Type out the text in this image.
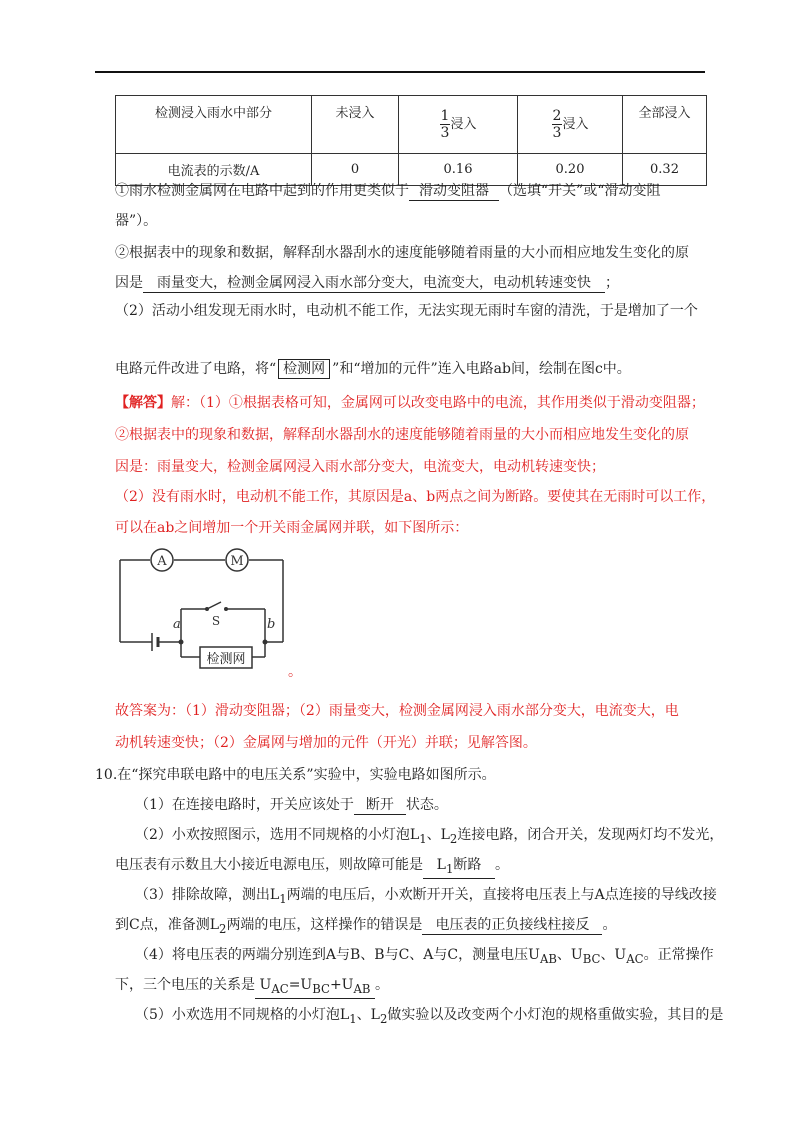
检测浸入雨水中部分	未浸入	$\frac{1}{3}$ 浸入	$\frac{2}{3}$ 浸入	全部浸入
电流表的示数/A	0	0.16	0.20	0.32
①雨水检测金属网在电路中起到的作用更类似于 滑动变阻器 （选填“开关”或“滑动变阻
器”）。
②根据表中的现象和数据，解释刮水器刮水的速度能够随着雨量的大小而相应地发生变化的原
因是 雨量变大，检测金属网浸入雨水部分变大，电流变大，电动机转速变快 ；
（2）活动小组发现无雨水时，电动机不能工作，无法实现无雨时车窗的清洗，于是增加了一个
电路元件改进了电路，将“ 检测网 ”和“增加的元件”连入电路ab间，绘制在图c中。
【解答】解：（1）①根据表格可知，金属网可以改变电路中的电流，其作用类似于滑动变阻器；
②根据表中的现象和数据，解释刮水器刮水的速度能够随着雨量的大小而相应地发生变化的原
因是：雨量变大，检测金属网浸入雨水部分变大，电流变大，电动机转速变快；
（2）没有雨水时，电动机不能工作，其原因是a、b两点之间为断路。要使其在无雨时可以工作，
可以在ab之间增加一个开关雨金属网并联，如下图所示：
A	M
S
a	b
检测网
。
故答案为：（1）滑动变阻器；（2）雨量变大，检测金属网浸入雨水部分变大，电流变大，电
动机转速变快；（2）金属网与增加的元件（开光）并联；见解答图。
10.在“探究串联电路中的电压关系”实验中，实验电路如图所示。
（1）在连接电路时，开关应该处于 断开 状态。
（2）小欢按照图示，选用不同规格的小灯泡$L_1$、$L_2$连接电路，闭合开关，发现两灯均不发光，
电压表有示数且大小接近电源电压，则故障可能是 $L_1$断路 。
（3）排除故障，测出$L_1$两端的电压后，小欢断开开关，直接将电压表上与A点连接的导线改接
到C点，准备测$L_2$两端的电压，这样操作的错误是 电压表的正负接线柱接反 。
（4）将电压表的两端分别连到A与B、B与C、A与C，测量电压$U_{AB}$、$U_{BC}$、$U_{AC}$。正常操作
下，三个电压的关系是 $U_{AC}=U_{BC}+U_{AB}$ 。
（5）小欢选用不同规格的小灯泡$L_1$、$L_2$做实验以及改变两个小灯泡的规格重做实验，其目的是
